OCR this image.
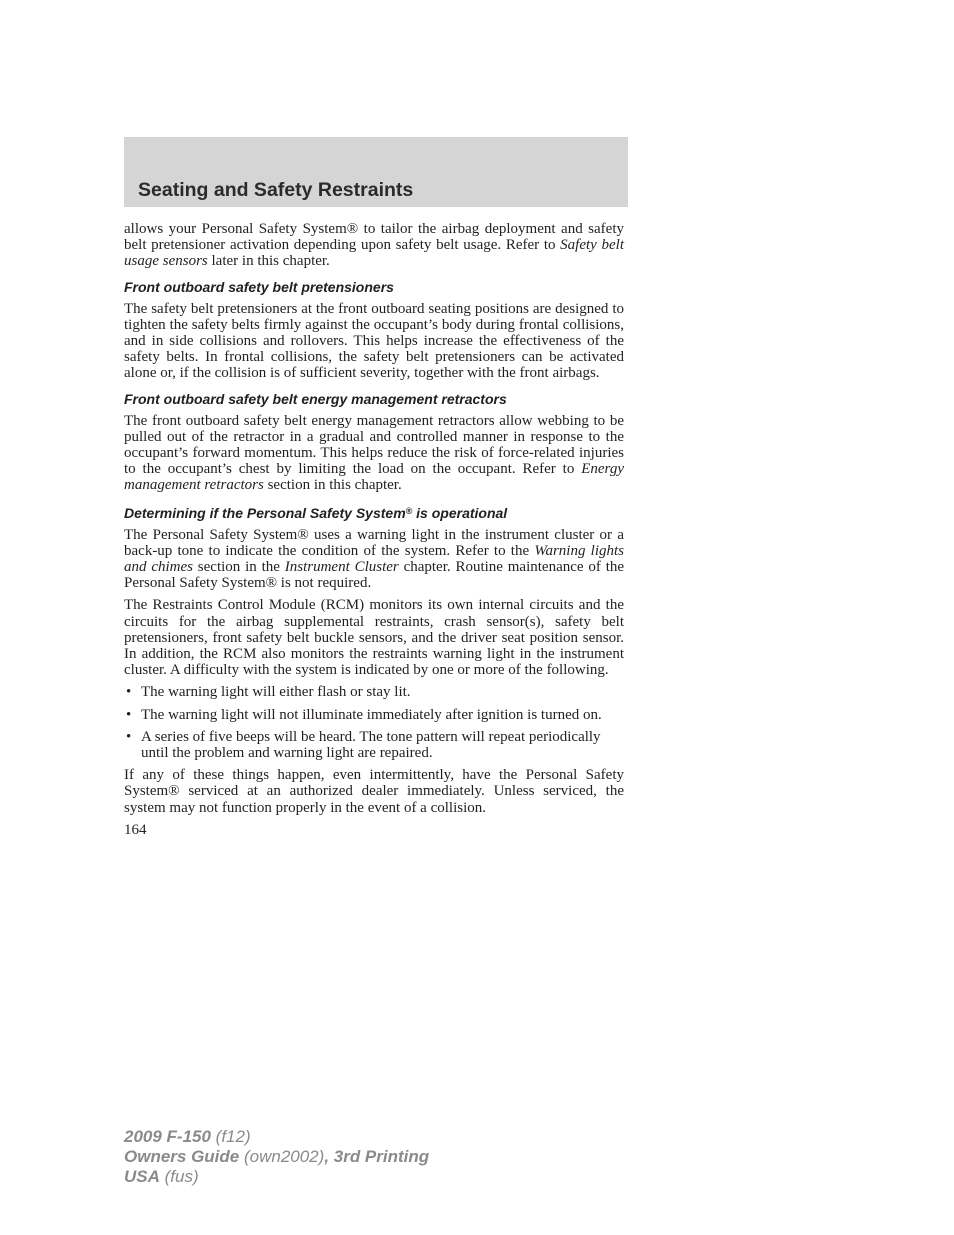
Seating and Safety Restraints

allows your Personal Safety System® to tailor the airbag deployment and safety belt pretensioner activation depending upon safety belt usage. Refer to Safety belt usage sensors later in this chapter.

Front outboard safety belt pretensioners

The safety belt pretensioners at the front outboard seating positions are designed to tighten the safety belts firmly against the occupant’s body during frontal collisions, and in side collisions and rollovers. This helps increase the effectiveness of the safety belts. In frontal collisions, the safety belt pretensioners can be activated alone or, if the collision is of sufficient severity, together with the front airbags.

Front outboard safety belt energy management retractors

The front outboard safety belt energy management retractors allow webbing to be pulled out of the retractor in a gradual and controlled manner in response to the occupant’s forward momentum. This helps reduce the risk of force-related injuries to the occupant’s chest by limiting the load on the occupant. Refer to Energy management retractors section in this chapter.

Determining if the Personal Safety System® is operational

The Personal Safety System® uses a warning light in the instrument cluster or a back-up tone to indicate the condition of the system. Refer to the Warning lights and chimes section in the Instrument Cluster chapter. Routine maintenance of the Personal Safety System® is not required.

The Restraints Control Module (RCM) monitors its own internal circuits and the circuits for the airbag supplemental restraints, crash sensor(s), safety belt pretensioners, front safety belt buckle sensors, and the driver seat position sensor. In addition, the RCM also monitors the restraints warning light in the instrument cluster. A difficulty with the system is indicated by one or more of the following.

• The warning light will either flash or stay lit.
• The warning light will not illuminate immediately after ignition is turned on.
• A series of five beeps will be heard. The tone pattern will repeat periodically until the problem and warning light are repaired.

If any of these things happen, even intermittently, have the Personal Safety System® serviced at an authorized dealer immediately. Unless serviced, the system may not function properly in the event of a collision.

164

2009 F-150 (f12)
Owners Guide (own2002), 3rd Printing
USA (fus)
